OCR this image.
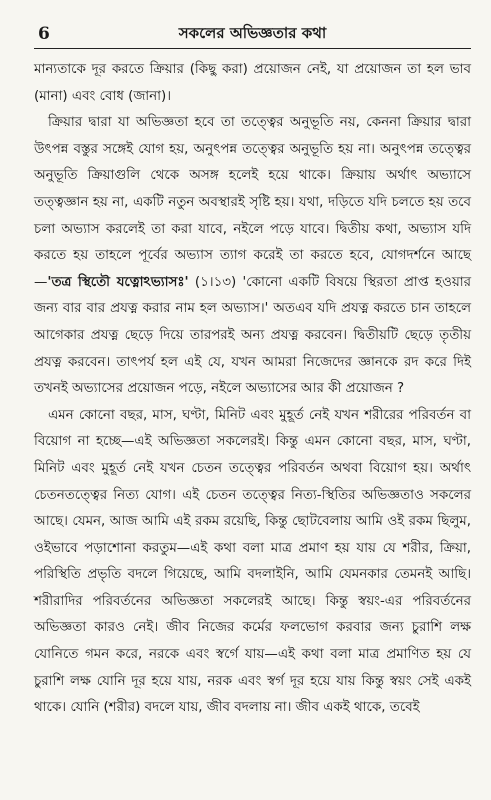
6	সকলের অভিজ্ঞতার কথা

মান্যতাকে দূর করতে ক্রিয়ার (কিছু করা) প্রয়োজন নেই, যা প্রয়োজন তা হল ভাব (মানা) এবং বোধ (জানা)।

ক্রিয়ার দ্বারা যা অভিজ্ঞতা হবে তা তত্ত্বের অনুভূতি নয়, কেননা ক্রিয়ার দ্বারা উৎপন্ন বস্তুর সঙ্গেই যোগ হয়, অনুৎপন্ন তত্ত্বের অনুভূতি হয় না। অনুৎপন্ন তত্ত্বের অনুভূতি ক্রিয়াগুলি থেকে অসঙ্গ হলেই হয়ে থাকে। ক্রিয়ায় অর্থাৎ অভ্যাসে তত্ত্বজ্ঞান হয় না, একটি নতুন অবস্থারই সৃষ্টি হয়। যথা, দড়িতে যদি চলতে হয় তবে চলা অভ্যাস করলেই তা করা যাবে, নইলে পড়ে যাবে। দ্বিতীয় কথা, অভ্যাস যদি করতে হয় তাহলে পূর্বের অভ্যাস ত্যাগ করেই তা করতে হবে, যোগদর্শনে আছে—'তত্র স্থিতৌ যত্নোঽভ্যাসঃ' (১।১৩) 'কোনো একটি বিষয়ে স্থিরতা প্রাপ্ত হওয়ার জন্য বার বার প্রযত্ন করার নাম হল অভ্যাস।' অতএব যদি প্রযত্ন করতে চান তাহলে আগেকার প্রযত্ন ছেড়ে দিয়ে তারপরই অন্য প্রযত্ন করবেন। দ্বিতীয়টি ছেড়ে তৃতীয় প্রযত্ন করবেন। তাৎপর্য হল এই যে, যখন আমরা নিজেদের জ্ঞানকে রদ করে দিই তখনই অভ্যাসের প্রয়োজন পড়ে, নইলে অভ্যাসের আর কী প্রয়োজন ?

এমন কোনো বছর, মাস, ঘণ্টা, মিনিট এবং মুহূর্ত নেই যখন শরীরের পরিবর্তন বা বিয়োগ না হচ্ছে—এই অভিজ্ঞতা সকলেরই। কিন্তু এমন কোনো বছর, মাস, ঘণ্টা, মিনিট এবং মুহূর্ত নেই যখন চেতন তত্ত্বের পরিবর্তন অথবা বিয়োগ হয়। অর্থাৎ চেতনতত্ত্বের নিত্য যোগ। এই চেতন তত্ত্বের নিত্য-স্থিতির অভিজ্ঞতাও সকলের আছে। যেমন, আজ আমি এই রকম রয়েছি, কিন্তু ছোটবেলায় আমি ওই রকম ছিলুম, ওইভাবে পড়াশোনা করতুম—এই কথা বলা মাত্র প্রমাণ হয় যায় যে শরীর, ক্রিয়া, পরিস্থিতি প্রভৃতি বদলে গিয়েছে, আমি বদলাইনি, আমি যেমনকার তেমনই আছি। শরীরাদির পরিবর্তনের অভিজ্ঞতা সকলেরই আছে। কিন্তু স্বয়ং-এর পরিবর্তনের অভিজ্ঞতা কারও নেই। জীব নিজের কর্মের ফলভোগ করবার জন্য চুরাশি লক্ষ যোনিতে গমন করে, নরকে এবং স্বর্গে যায়—এই কথা বলা মাত্র প্রমাণিত হয় যে চুরাশি লক্ষ যোনি দূর হয়ে যায়, নরক এবং স্বর্গ দূর হয়ে যায় কিন্তু স্বয়ং সেই একই থাকে। যোনি (শরীর) বদলে যায়, জীব বদলায় না। জীব একই থাকে, তবেই
